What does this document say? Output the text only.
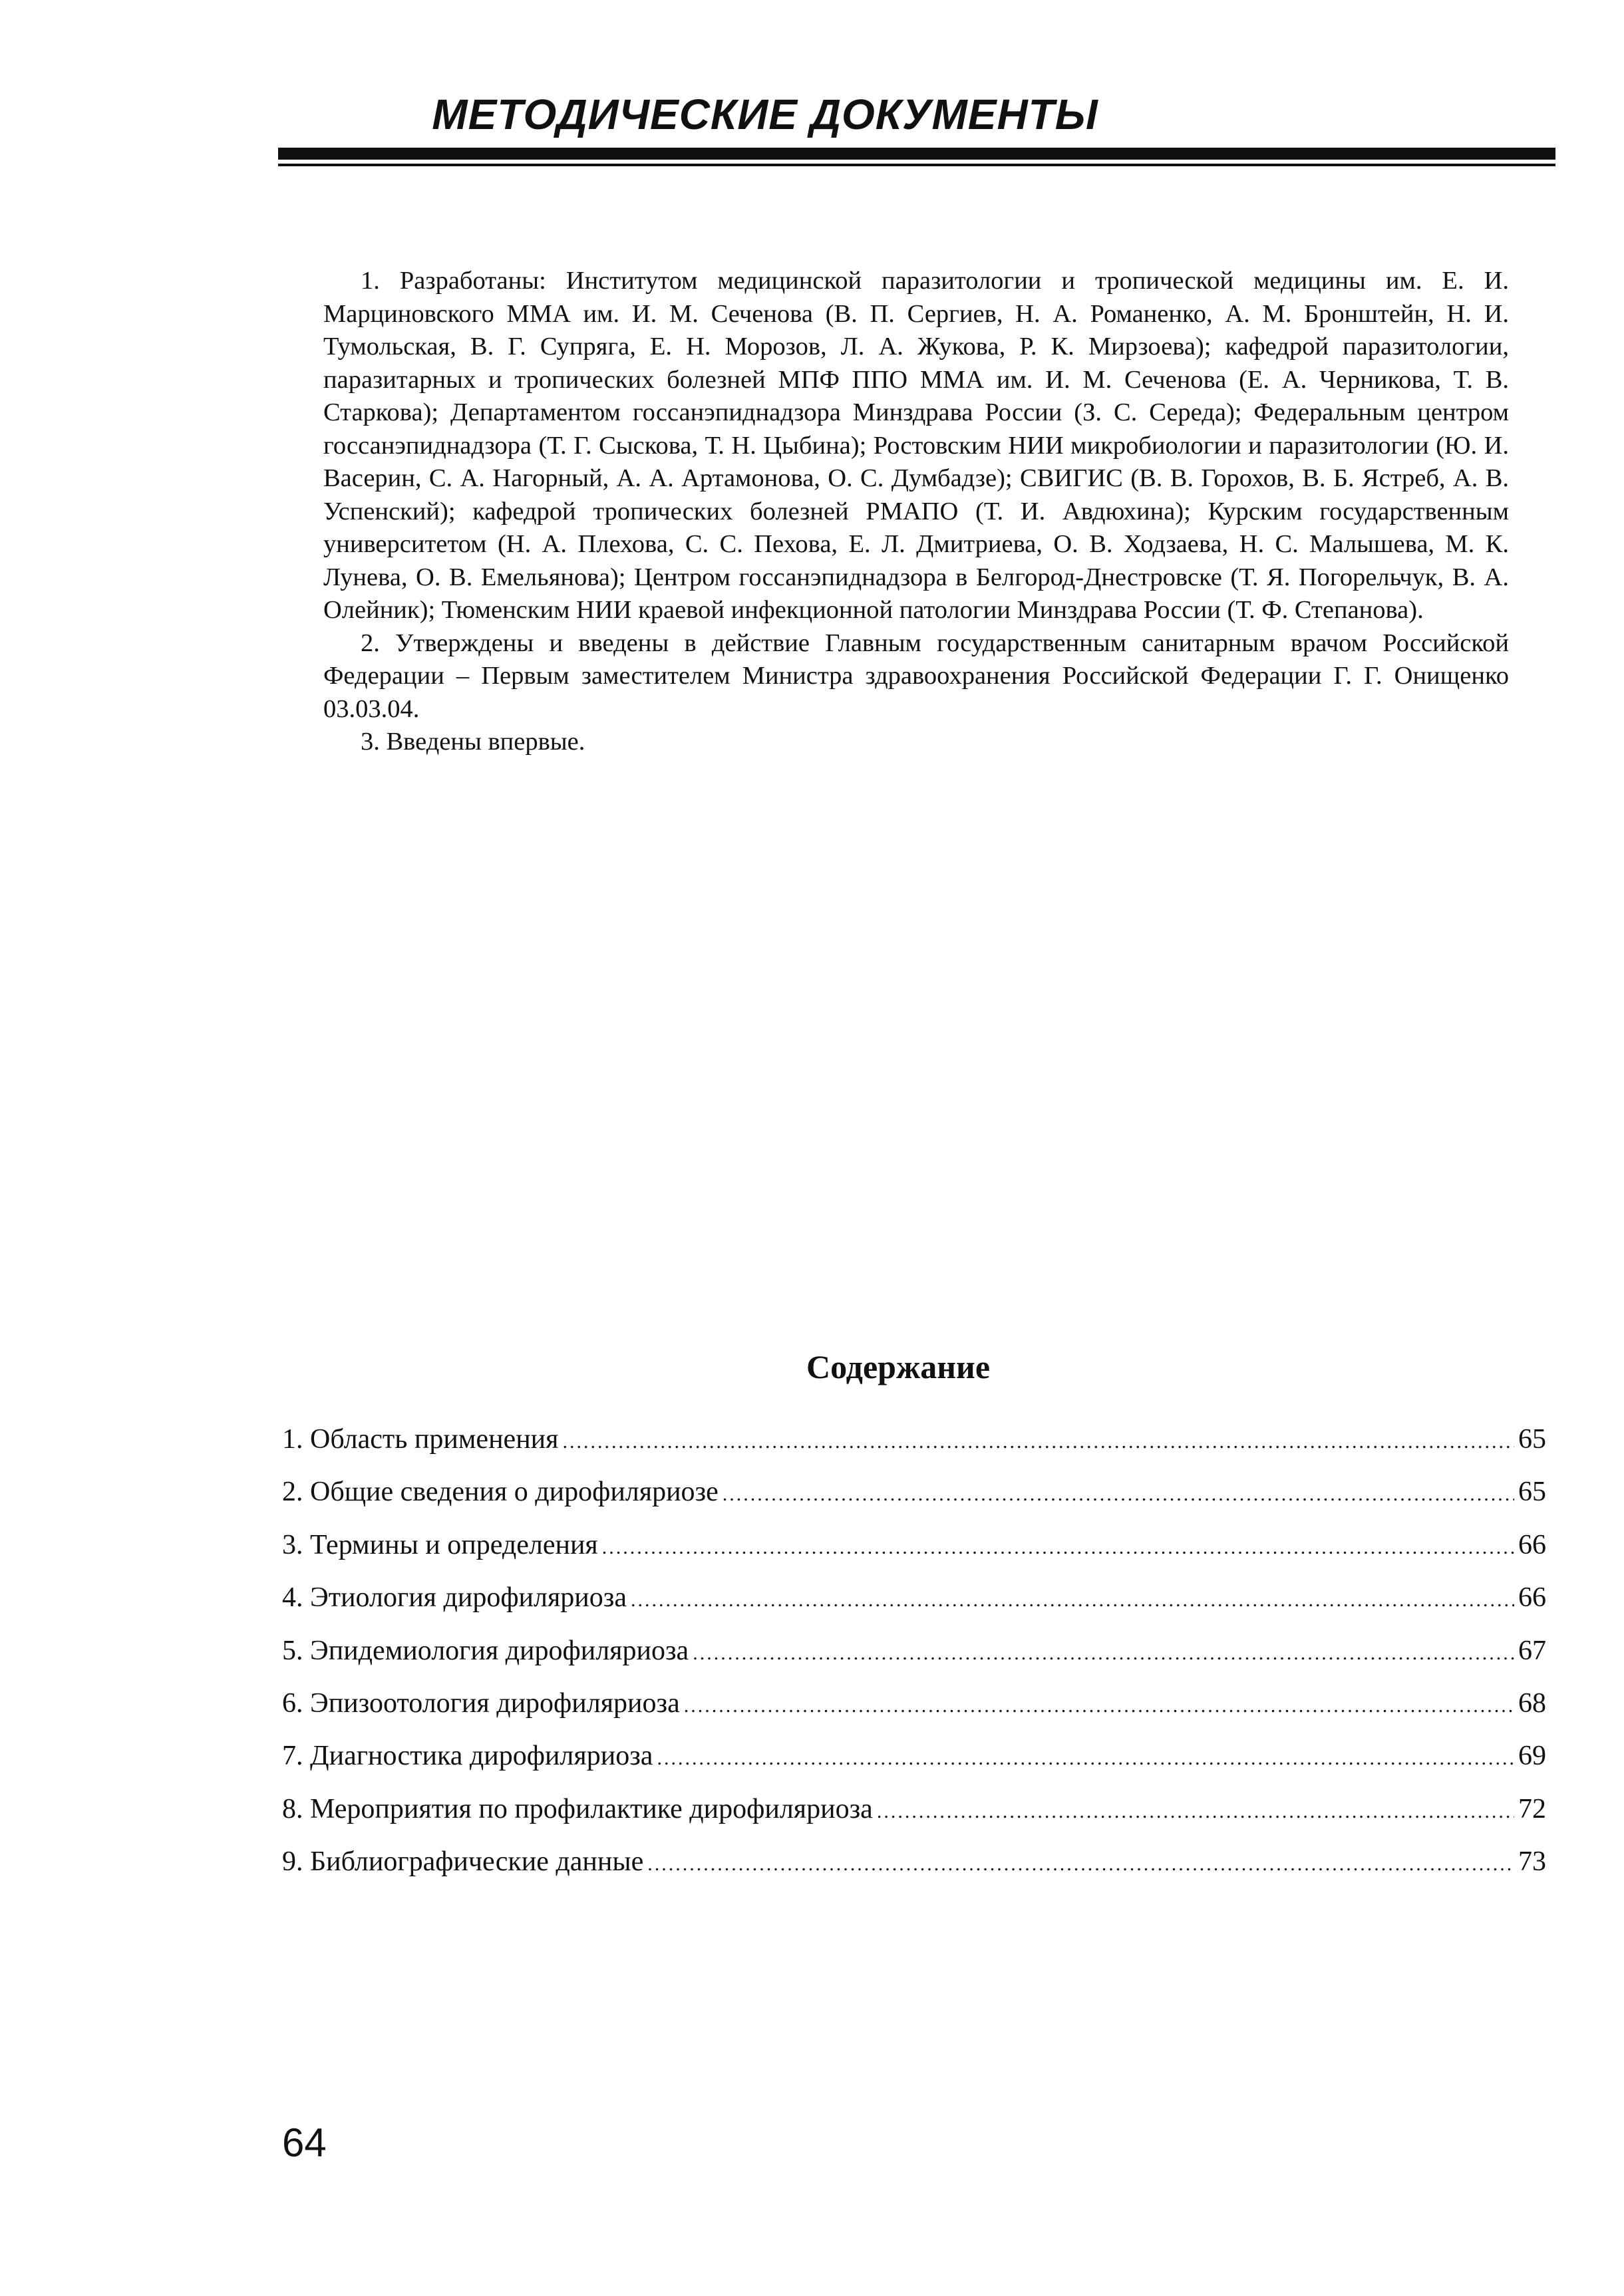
МЕТОДИЧЕСКИЕ ДОКУМЕНТЫ

1. Разработаны: Институтом медицинской паразитологии и тропической медицины им. Е. И. Марциновского ММА им. И. М. Сеченова (В. П. Сергиев, Н. А. Романенко, А. М. Бронштейн, Н. И. Тумольская, В. Г. Супряга, Е. Н. Морозов, Л. А. Жукова, Р. К. Мирзоева); кафедрой паразитологии, паразитарных и тропических болезней МПФ ППО ММА им. И. М. Сеченова (Е. А. Черникова, Т. В. Старкова); Департаментом госсанэпиднадзора Минздрава России (З. С. Середа); Федеральным центром госсанэпиднадзора (Т. Г. Сыскова, Т. Н. Цыбина); Ростовским НИИ микробиологии и паразитологии (Ю. И. Васерин, С. А. Нагорный, А. А. Артамонова, О. С. Думбадзе); СВИГИС (В. В. Горохов, В. Б. Ястреб, А. В. Успенский); кафедрой тропических болезней РМАПО (Т. И. Авдюхина); Курским государственным университетом (Н. А. Плехова, С. С. Пехова, Е. Л. Дмитриева, О. В. Ходзаева, Н. С. Малышева, М. К. Лунева, О. В. Емельянова); Центром госсанэпиднадзора в Белгород-Днестровске (Т. Я. Погорельчук, В. А. Олейник); Тюменским НИИ краевой инфекционной патологии Минздрава России (Т. Ф. Степанова).

2. Утверждены и введены в действие Главным государственным санитарным врачом Российской Федерации – Первым заместителем Министра здравоохранения Российской Федерации Г. Г. Онищенко 03.03.04.

3. Введены впервые.

Содержание
1. Область применения .....	65
2. Общие сведения о дирофиляриозе .....	65
3. Термины и определения .....	66
4. Этиология дирофиляриоза .....	66
5. Эпидемиология дирофиляриоза .....	67
6. Эпизоотология дирофиляриоза .....	68
7. Диагностика дирофиляриоза .....	69
8. Мероприятия по профилактике дирофиляриоза .....	72
9. Библиографические данные .....	73
64
